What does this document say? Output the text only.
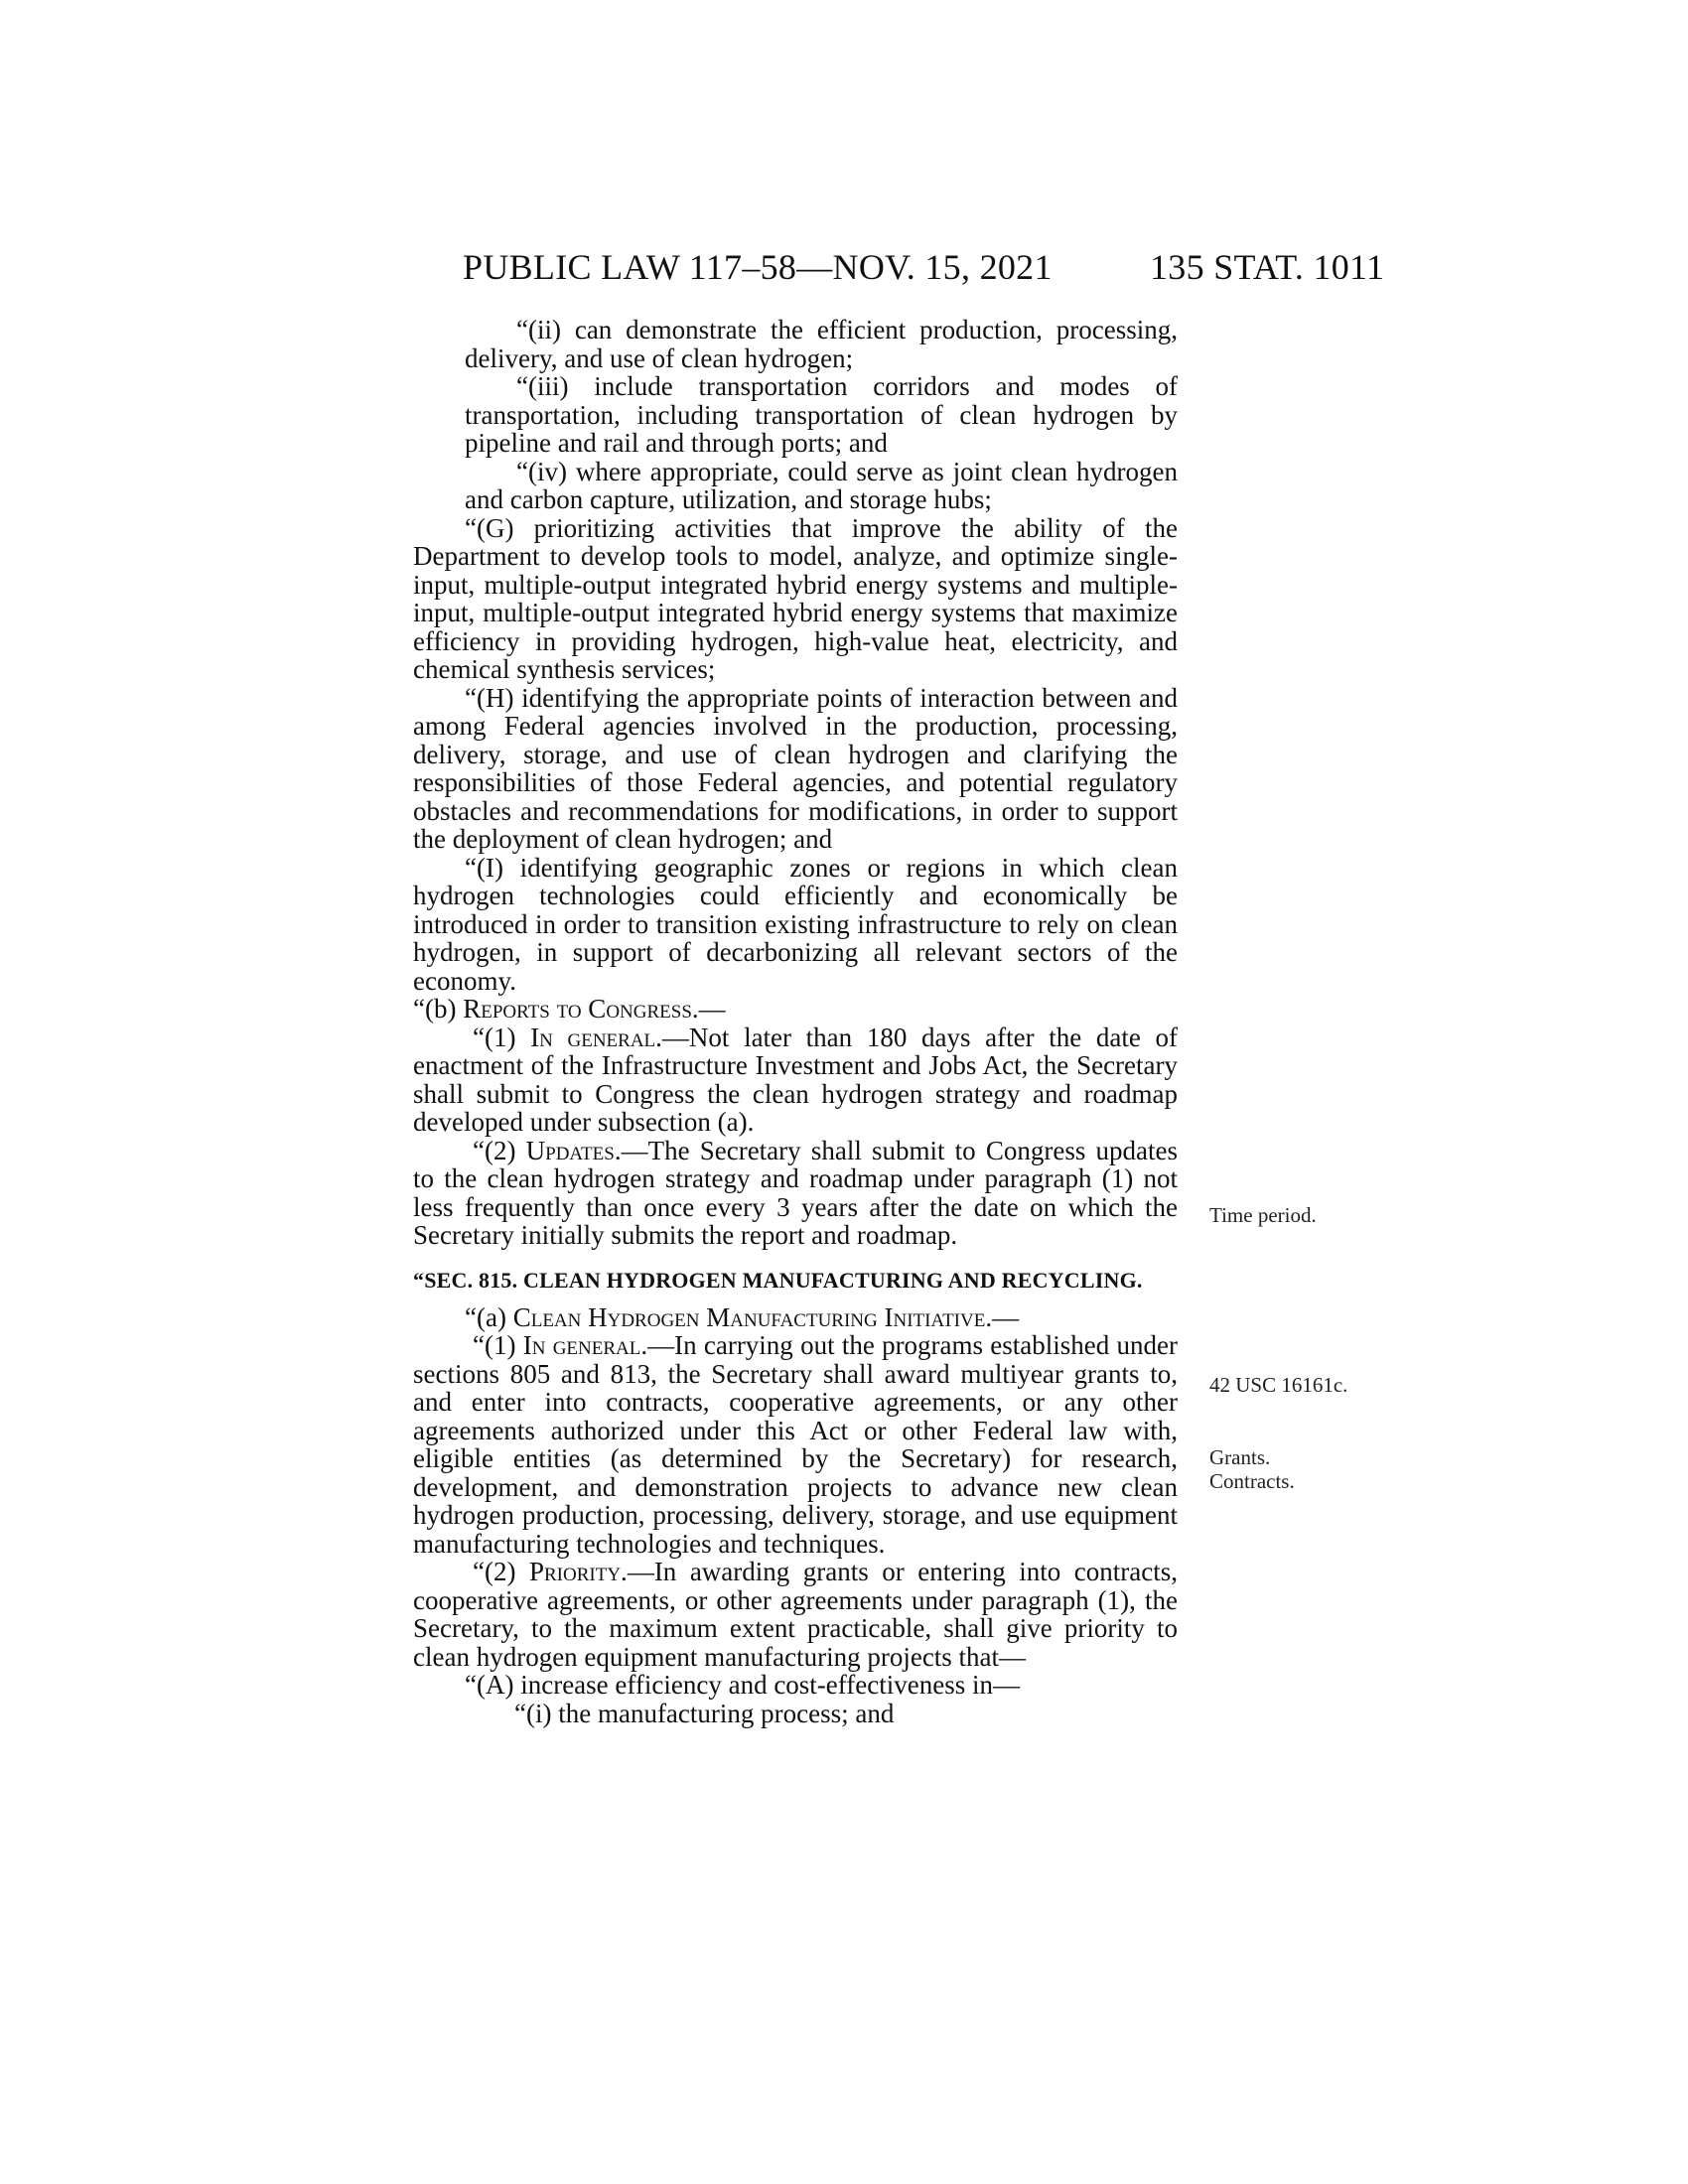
PUBLIC LAW 117–58—NOV. 15, 2021	135 STAT. 1011
“(ii) can demonstrate the efficient production, processing, delivery, and use of clean hydrogen;
“(iii) include transportation corridors and modes of transportation, including transportation of clean hydrogen by pipeline and rail and through ports; and
“(iv) where appropriate, could serve as joint clean hydrogen and carbon capture, utilization, and storage hubs;
“(G) prioritizing activities that improve the ability of the Department to develop tools to model, analyze, and optimize single-input, multiple-output integrated hybrid energy systems and multiple-input, multiple-output integrated hybrid energy systems that maximize efficiency in providing hydrogen, high-value heat, electricity, and chemical synthesis services;
“(H) identifying the appropriate points of interaction between and among Federal agencies involved in the production, processing, delivery, storage, and use of clean hydrogen and clarifying the responsibilities of those Federal agencies, and potential regulatory obstacles and recommendations for modifications, in order to support the deployment of clean hydrogen; and
“(I) identifying geographic zones or regions in which clean hydrogen technologies could efficiently and economically be introduced in order to transition existing infrastructure to rely on clean hydrogen, in support of decarbonizing all relevant sectors of the economy.
“(b) Reports to Congress.—
“(1) In general.—Not later than 180 days after the date of enactment of the Infrastructure Investment and Jobs Act, the Secretary shall submit to Congress the clean hydrogen strategy and roadmap developed under subsection (a).
“(2) Updates.—The Secretary shall submit to Congress updates to the clean hydrogen strategy and roadmap under paragraph (1) not less frequently than once every 3 years after the date on which the Secretary initially submits the report and roadmap.
“SEC. 815. CLEAN HYDROGEN MANUFACTURING AND RECYCLING.
“(a) Clean Hydrogen Manufacturing Initiative.—
“(1) In general.—In carrying out the programs established under sections 805 and 813, the Secretary shall award multiyear grants to, and enter into contracts, cooperative agreements, or any other agreements authorized under this Act or other Federal law with, eligible entities (as determined by the Secretary) for research, development, and demonstration projects to advance new clean hydrogen production, processing, delivery, storage, and use equipment manufacturing technologies and techniques.
“(2) Priority.—In awarding grants or entering into contracts, cooperative agreements, or other agreements under paragraph (1), the Secretary, to the maximum extent practicable, shall give priority to clean hydrogen equipment manufacturing projects that—
“(A) increase efficiency and cost-effectiveness in—
“(i) the manufacturing process; and
Time period.
42 USC 16161c.
Grants.
Contracts.
